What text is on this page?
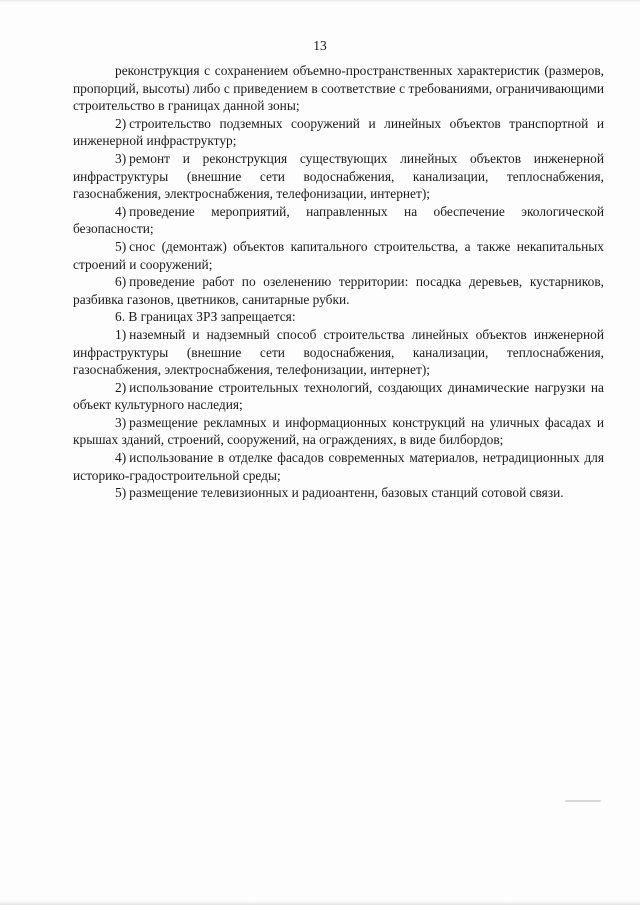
13

реконструкция с сохранением объемно-пространственных характеристик (размеров, пропорций, высоты) либо с приведением в соответствие с требованиями, ограничивающими строительство в границах данной зоны;

2) строительство подземных сооружений и линейных объектов транспортной и инженерной инфраструктур;

3) ремонт и реконструкция существующих линейных объектов инженерной инфраструктуры (внешние сети водоснабжения, канализации, теплоснабжения, газоснабжения, электроснабжения, телефонизации, интернет);

4) проведение мероприятий, направленных на обеспечение экологической безопасности;

5) снос (демонтаж) объектов капитального строительства, а также некапитальных строений и сооружений;

6) проведение работ по озеленению территории: посадка деревьев, кустарников, разбивка газонов, цветников, санитарные рубки.

6. В границах ЗРЗ запрещается:

1) наземный и надземный способ строительства линейных объектов инженерной инфраструктуры (внешние сети водоснабжения, канализации, теплоснабжения, газоснабжения, электроснабжения, телефонизации, интернет);

2) использование строительных технологий, создающих динамические нагрузки на объект культурного наследия;

3) размещение рекламных и информационных конструкций на уличных фасадах и крышах зданий, строений, сооружений, на ограждениях, в виде билбордов;

4) использование в отделке фасадов современных материалов, нетрадиционных для историко-градостроительной среды;

5) размещение телевизионных и радиоантенн, базовых станций сотовой связи.
